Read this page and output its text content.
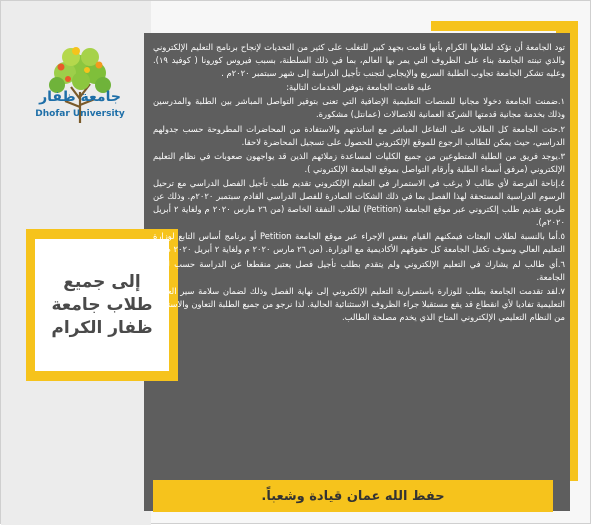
جامعة ظفار
Dhofar University
إلى جميع
طلاب جامعة
ظفار الكرام

تود الجامعة أن تؤكد لطلابها الكرام بأنها قامت بجهد كبير للتغلب على كثير من التحديات لإنجاح برنامج التعليم الإلكتروني والذي تبنته الجامعة بناء على الظروف التي يمر بها العالم، بما في ذلك السلطنة، بسبب فيروس كورونا ( كوفيد ١٩). وعليه تشكر الجامعة تجاوب الطلبة السريع والإيجابي لتجنب تأجيل الدراسة إلى شهر سبتمبر ٢٠٢٠م .

عليه قامت الجامعة بتوفير الخدمات التالية:

١.ضمنت الجامعة دخولا مجانيا للمنصات التعليمية الإضافية التي تعنى بتوفير التواصل المباشر بين الطلبة والمدرسين وذلك بخدمة مجانية قدمتها الشركة العمانية للاتصالات (عمانتل) مشكورة.

٢.حثت الجامعة كل الطلاب على التفاعل المباشر مع اساتذتهم والاستفادة من المحاضرات المطروحة حسب جدولهم الدراسي، حيث يمكن للطالب الرجوع للموقع الإلكتروني للحصول على تسجيل المحاضرة لاحقا.

٣.يوجد فريق من الطلبة المتطوعين من جميع الكليات لمساعدة زملائهم الذين قد يواجهون صعوبات في نظام التعليم الإلكتروني (مرفق أسماء الطلبة وأرقام التواصل بموقع الجامعة الإلكتروني ).

٤.إتاحة الفرصة لأي طالب لا يرغب في الاستمرار في التعليم الإلكتروني تقديم طلب تأجيل الفصل الدراسي مع ترحيل الرسوم الدراسية المستحقة لهذا الفصل بما في ذلك الشكات الصادرة للفصل الدراسي القادم سبتمبر ٢٠٢٠م. وذلك عن طريق تقديم طلب إلكتروني عبر موقع الجامعة (Petition) لطلاب النفقة الخاصة (من ٢٦ مارس ٢٠٢٠ م ولغاية ٢ أبريل ٢٠٢٠م).

٥.أما بالنسبة لطلاب البعثات فيمكنهم القيام بنفس الإجراء عبر موقع الجامعة Petition أو برنامج أساس التابع لوزارة التعليم العالي وسوف تكفل الجامعة كل حقوقهم الأكاديمية مع الوزارة. (من ٢٦ مارس ٢٠٢٠ م ولغاية ٢ أبريل ٢٠٢٠ م ).

٦.أي طالب لم يشارك في التعليم الإلكتروني ولم يتقدم بطلب تأجيل فصل يعتبر منقطعا عن الدراسة حسب لوائح الجامعة.

٧.لقد تقدمت الجامعة بطلب للوزارة باستمرارية التعليم الإلكتروني إلى نهاية الفصل وذلك لضمان سلامة سير العملية التعليمية تفاديا لأي انقطاع قد يقع مستقبلا جراء الظروف الاستثنائية الحالية. لذا نرجو من جميع الطلبة التعاون والاستفادة من النظام التعليمي الإلكتروني المتاح الذي يخدم مصلحة الطالب.

حفظ الله عمان قيادة وشعباً.
